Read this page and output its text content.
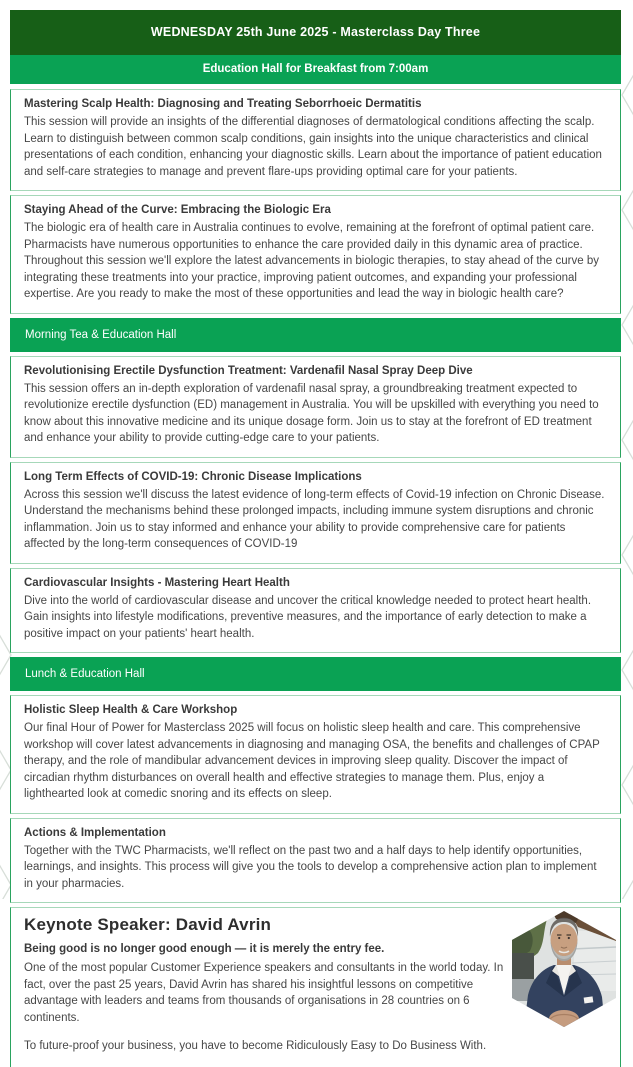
WEDNESDAY 25th June 2025 - Masterclass Day Three
Education Hall for Breakfast from 7:00am
Mastering Scalp Health: Diagnosing and Treating Seborrhoeic Dermatitis

This session will provide an insights of the differential diagnoses of dermatological conditions affecting the scalp. Learn to distinguish between common scalp conditions, gain insights into the unique characteristics and clinical presentations of each condition, enhancing your diagnostic skills. Learn about the importance of patient education and self-care strategies to manage and prevent flare-ups providing optimal care for your patients.

Staying Ahead of the Curve: Embracing the Biologic Era

The biologic era of health care in Australia continues to evolve, remaining at the forefront of optimal patient care. Pharmacists have numerous opportunities to enhance the care provided daily in this dynamic area of practice. Throughout this session we'll explore the latest advancements in biologic therapies, to stay ahead of the curve by integrating these treatments into your practice, improving patient outcomes, and expanding your professional expertise. Are you ready to make the most of these opportunities and lead the way in biologic health care?

Morning Tea & Education Hall
Revolutionising Erectile Dysfunction Treatment: Vardenafil Nasal Spray Deep Dive

This session offers an in-depth exploration of vardenafil nasal spray, a groundbreaking treatment expected to revolutionize erectile dysfunction (ED) management in Australia. You will be upskilled with everything you need to know about this innovative medicine and its unique dosage form. Join us to stay at the forefront of ED treatment and enhance your ability to provide cutting-edge care to your patients.

Long Term Effects of COVID-19: Chronic Disease Implications

Across this session we'll discuss the latest evidence of long-term effects of Covid-19 infection on Chronic Disease. Understand the mechanisms behind these prolonged impacts, including immune system disruptions and chronic inflammation. Join us to stay informed and enhance your ability to provide comprehensive care for patients affected by the long-term consequences of COVID-19

Cardiovascular Insights - Mastering Heart Health

Dive into the world of cardiovascular disease and uncover the critical knowledge needed to protect heart health. Gain insights into lifestyle modifications, preventive measures, and the importance of early detection to make a positive impact on your patients' heart health.

Lunch & Education Hall
Holistic Sleep Health & Care Workshop

Our final Hour of Power for Masterclass 2025 will focus on holistic sleep health and care. This comprehensive workshop will cover latest advancements in diagnosing and managing OSA, the benefits and challenges of CPAP therapy, and the role of mandibular advancement devices in improving sleep quality. Discover the impact of circadian rhythm disturbances on overall health and effective strategies to manage them. Plus, enjoy a lighthearted look at comedic snoring and its effects on sleep.

Actions & Implementation

Together with the TWC Pharmacists, we'll reflect on the past two and a half days to help identify opportunities, learnings, and insights. This process will give you the tools to develop a comprehensive action plan to implement in your pharmacies.

Keynote Speaker: David Avrin

Being good is no longer good enough — it is merely the entry fee.

One of the most popular Customer Experience speakers and consultants in the world today. In fact, over the past 25 years, David Avrin has shared his insightful lessons on competitive advantage with leaders and teams from thousands of organisations in 28 countries on 6 continents.

To future-proof your business, you have to become Ridiculously Easy to Do Business With.
